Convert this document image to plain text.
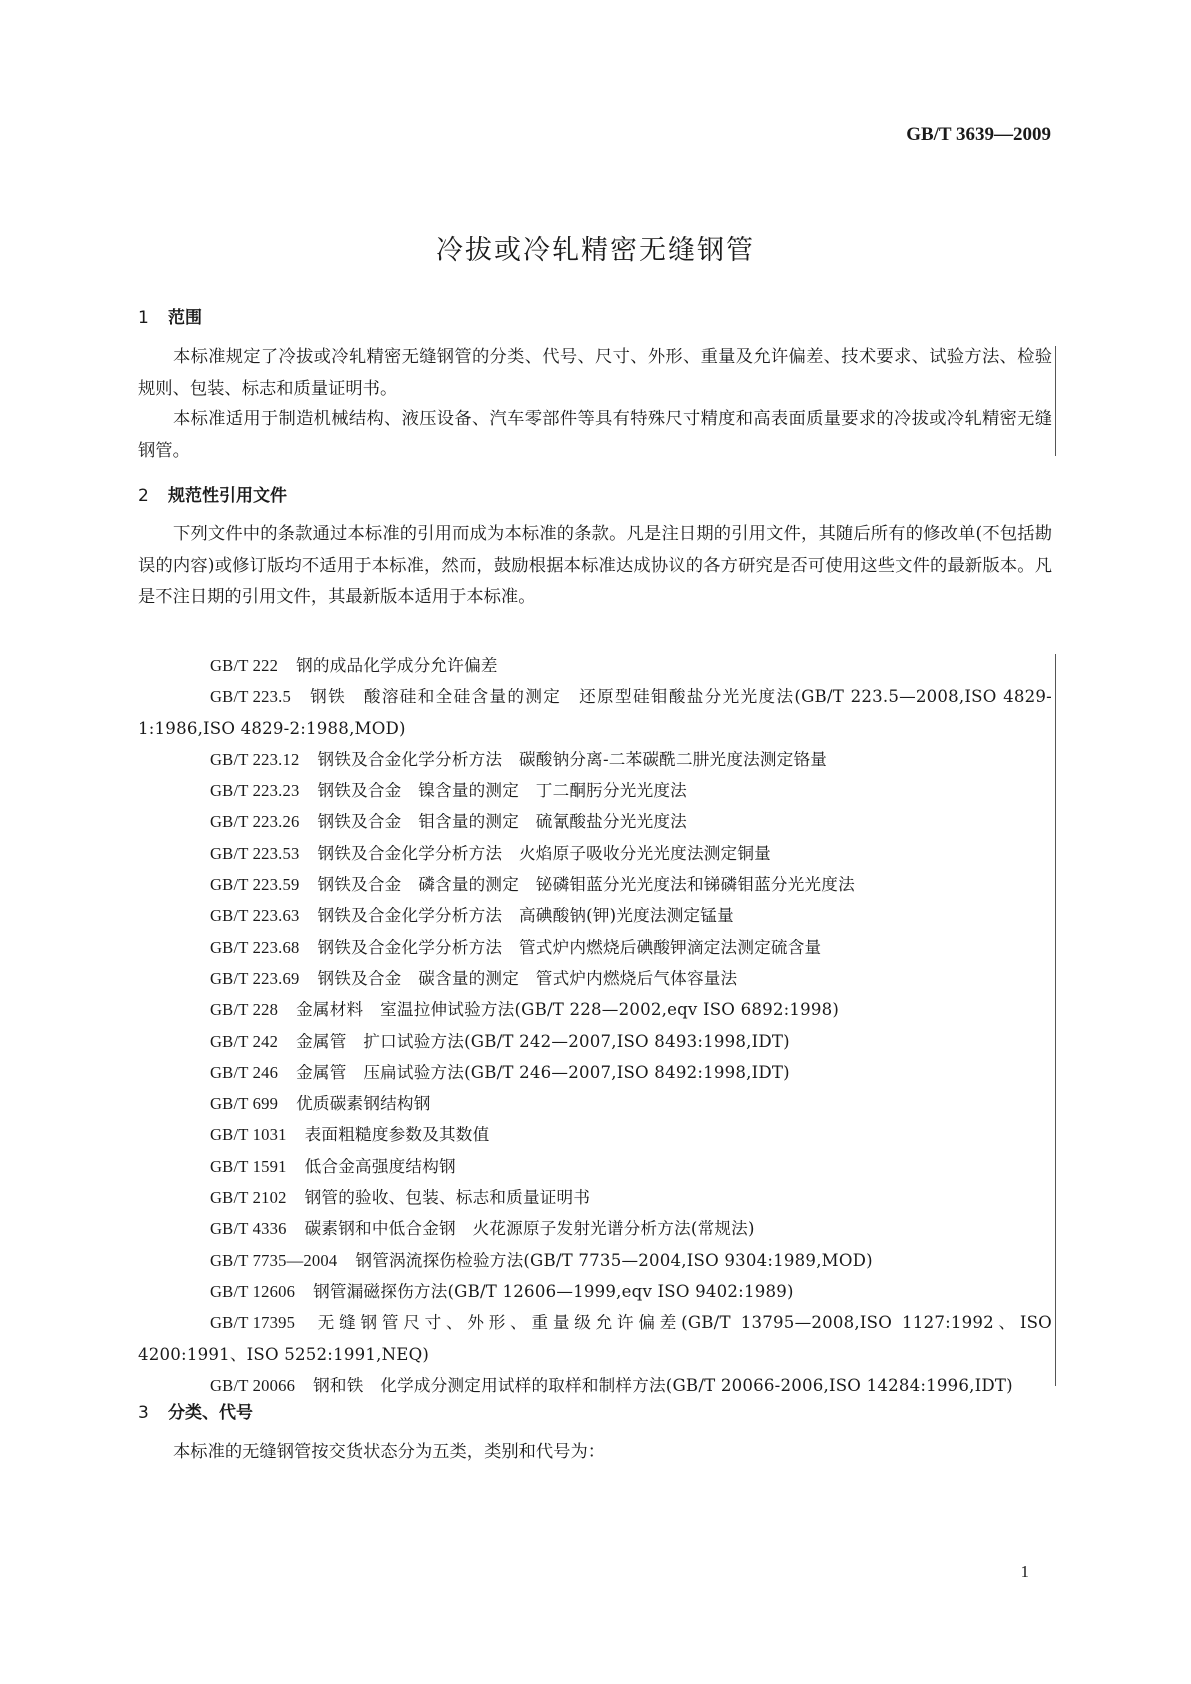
GB/T 3639—2009
冷拔或冷轧精密无缝钢管
1 范围
本标准规定了冷拔或冷轧精密无缝钢管的分类、代号、尺寸、外形、重量及允许偏差、技术要求、试验方法、检验规则、包装、标志和质量证明书。
本标准适用于制造机械结构、液压设备、汽车零部件等具有特殊尺寸精度和高表面质量要求的冷拔或冷轧精密无缝钢管。
2 规范性引用文件
下列文件中的条款通过本标准的引用而成为本标准的条款。凡是注日期的引用文件，其随后所有的修改单(不包括勘误的内容)或修订版均不适用于本标准，然而，鼓励根据本标准达成协议的各方研究是否可使用这些文件的最新版本。凡是不注日期的引用文件，其最新版本适用于本标准。
GB/T 222 钢的成品化学成分允许偏差
GB/T 223.5 钢铁　酸溶硅和全硅含量的测定　还原型硅钼酸盐分光光度法(GB/T 223.5—2008,ISO 4829-1:1986,ISO 4829-2:1988,MOD)
GB/T 223.12 钢铁及合金化学分析方法　碳酸钠分离-二苯碳酰二肼光度法测定铬量
GB/T 223.23 钢铁及合金　镍含量的测定　丁二酮肟分光光度法
GB/T 223.26 钢铁及合金　钼含量的测定　硫氰酸盐分光光度法
GB/T 223.53 钢铁及合金化学分析方法　火焰原子吸收分光光度法测定铜量
GB/T 223.59 钢铁及合金　磷含量的测定　铋磷钼蓝分光光度法和锑磷钼蓝分光光度法
GB/T 223.63 钢铁及合金化学分析方法　高碘酸钠(钾)光度法测定锰量
GB/T 223.68 钢铁及合金化学分析方法　管式炉内燃烧后碘酸钾滴定法测定硫含量
GB/T 223.69 钢铁及合金　碳含量的测定　管式炉内燃烧后气体容量法
GB/T 228 金属材料　室温拉伸试验方法(GB/T 228—2002,eqv ISO 6892:1998)
GB/T 242 金属管　扩口试验方法(GB/T 242—2007,ISO 8493:1998,IDT)
GB/T 246 金属管　压扁试验方法(GB/T 246—2007,ISO 8492:1998,IDT)
GB/T 699 优质碳素钢结构钢
GB/T 1031 表面粗糙度参数及其数值
GB/T 1591 低合金高强度结构钢
GB/T 2102 钢管的验收、包装、标志和质量证明书
GB/T 4336 碳素钢和中低合金钢　火花源原子发射光谱分析方法(常规法)
GB/T 7735—2004 钢管涡流探伤检验方法(GB/T 7735—2004,ISO 9304:1989,MOD)
GB/T 12606 钢管漏磁探伤方法(GB/T 12606—1999,eqv ISO 9402:1989)
GB/T 17395 无缝钢管尺寸、外形、重量级允许偏差(GB/T 13795—2008,ISO 1127:1992、ISO 4200:1991、ISO 5252:1991,NEQ)
GB/T 20066 钢和铁　化学成分测定用试样的取样和制样方法(GB/T 20066-2006,ISO 14284:1996,IDT)
3 分类、代号
本标准的无缝钢管按交货状态分为五类，类别和代号为：
1
